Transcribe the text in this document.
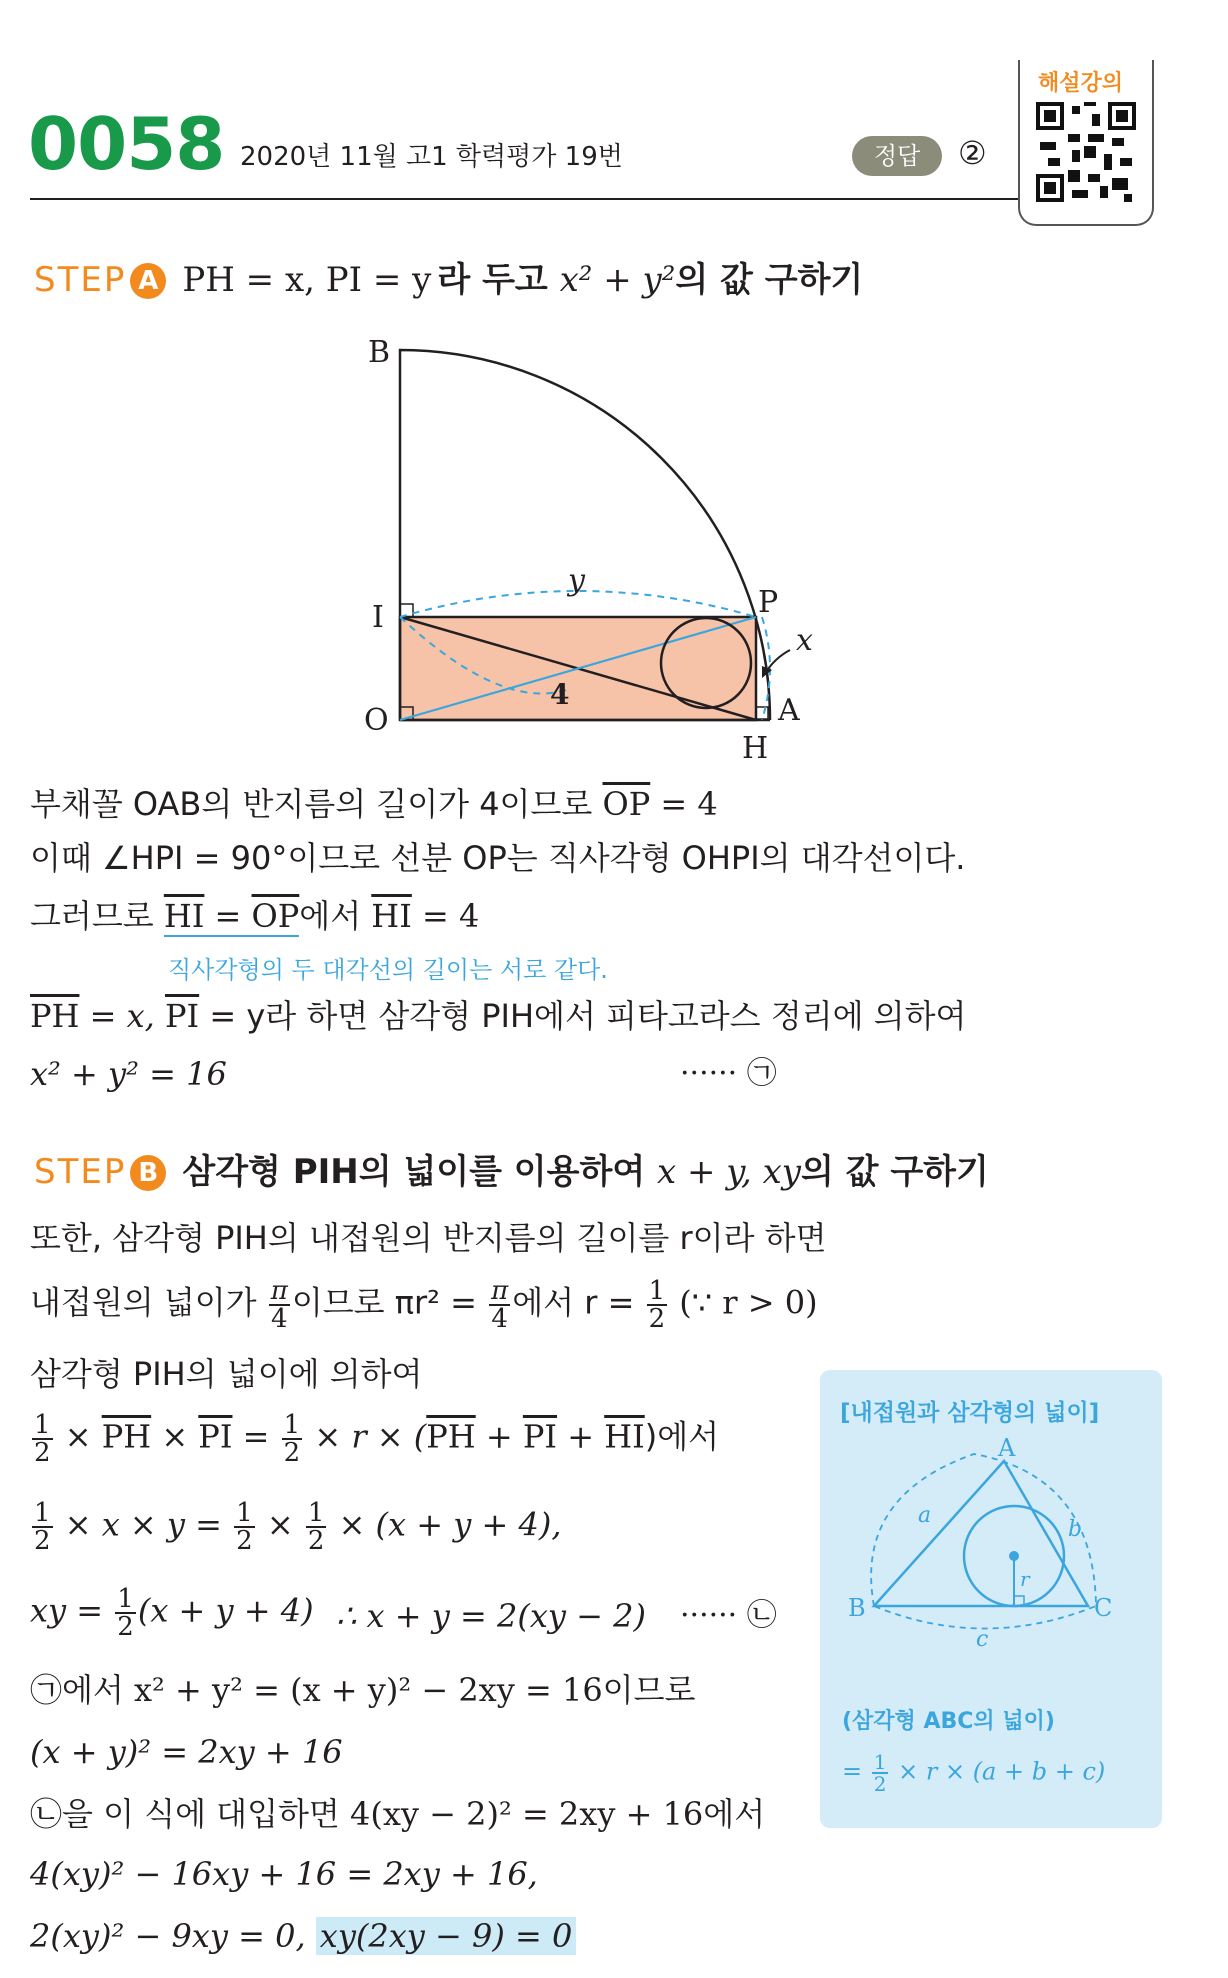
0058 2020년 11월 고1 학력평가 19번	정답	②
해설강의
STEP A PH = x, PI = y 라 두고 x² + y²의 값 구하기
B
I
O
P
H
A
x
y
4
부채꼴 OAB의 반지름의 길이가 4이므로 $\overline{OP} = 4$
이때 ∠HPI = 90°이므로 선분 OP는 직사각형 OHPI의 대각선이다.
그러므로 $\overline{HI} = \overline{OP}$에서 $\overline{HI} = 4$
직사각형의 두 대각선의 길이는 서로 같다.
$\overline{PH} = x$, $\overline{PI} = y$라 하면 삼각형 PIH에서 피타고라스 정리에 의하여
x² + y² = 16	······ ㉠
STEP B 삼각형 PIH의 넓이를 이용하여 x + y, xy의 값 구하기
또한, 삼각형 PIH의 내접원의 반지름의 길이를 r이라 하면
내접원의 넓이가 $\frac{\pi}{4}$ 이므로 $\pi r^2 = \frac{\pi}{4}$ 에서 $r = \frac{1}{2}$ (∵ r > 0)
삼각형 PIH의 넓이에 의하여
$\frac{1}{2} \times \overline{PH} \times \overline{PI} = \frac{1}{2} \times r \times (\overline{PH} + \overline{PI} + \overline{HI})$에서
$\frac{1}{2} \times x \times y = \frac{1}{2} \times \frac{1}{2} \times (x + y + 4)$,
xy = $\frac{1}{2} (x + y + 4)$ ∴ x + y = 2(xy − 2) ······ ㉡
㉠에서 x² + y² = (x + y)² − 2xy = 16이므로
(x + y)² = 2xy + 16
㉡을 이 식에 대입하면 4(xy − 2)² = 2xy + 16에서
4(xy)² − 16xy + 16 = 2xy + 16,
2(xy)² − 9xy = 0, xy(2xy − 9) = 0
[내접원과 삼각형의 넓이]
A
B	C
a
b
c
r
(삼각형 ABC의 넓이)
= $\frac{1}{2} \times r \times (a + b + c)$
